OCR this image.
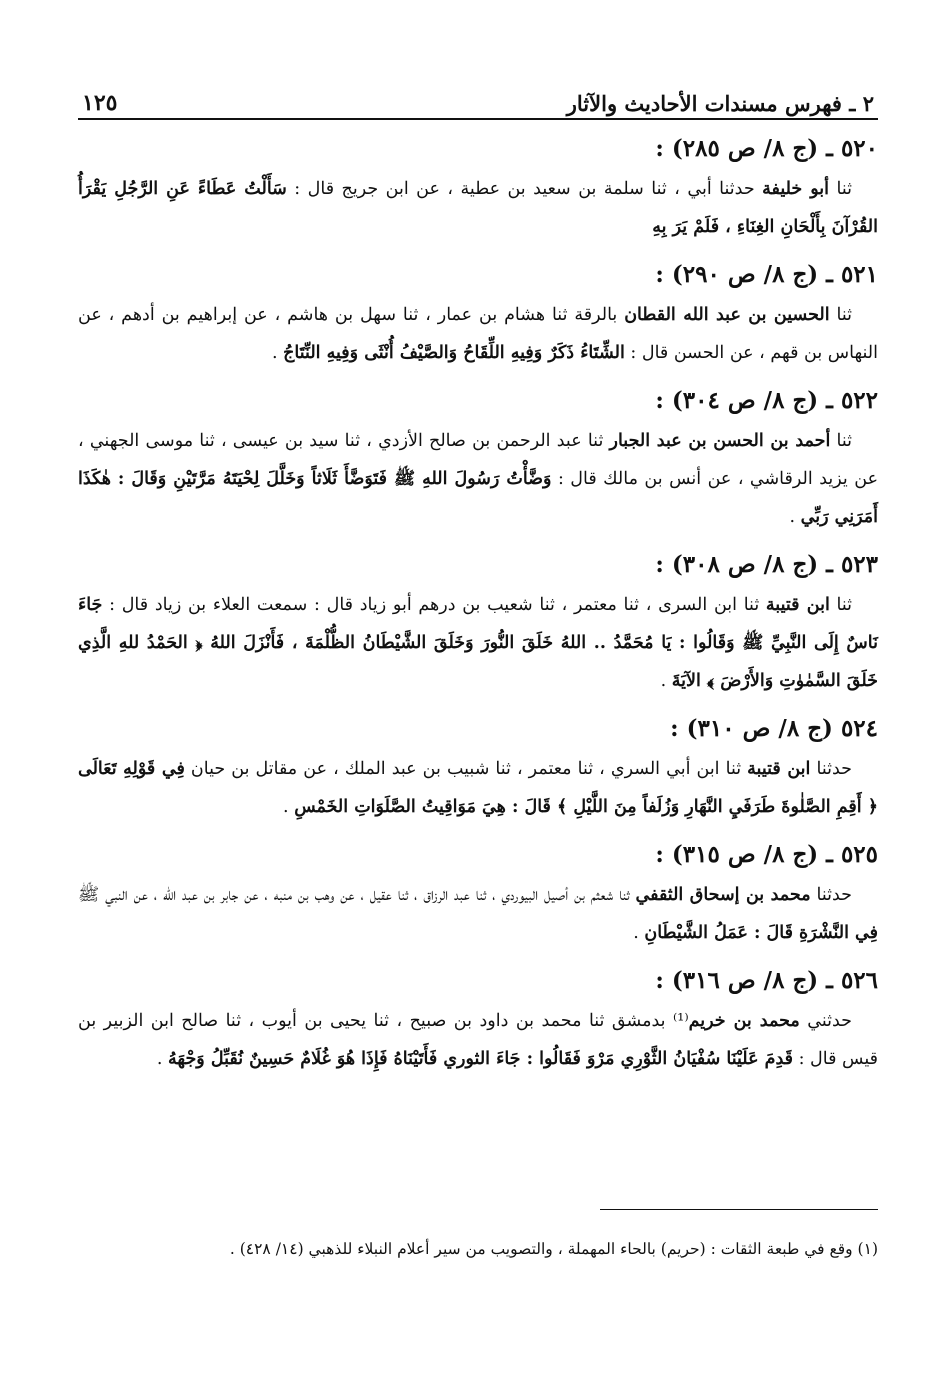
٢ ـ فهرس مسندات الأحاديث والآثار
١٢٥

٥٢٠ ـ (ج ٨/ ص ٢٨٥) :

ثنا أبو خليفة حدثنا أبي ، ثنا سلمة بن سعيد بن عطية ، عن ابن جريج قال : سَأَلْتُ عَطَاءً عَنِ الرَّجُلِ يَقْرَأُ القُرْآنَ بِأَلْحَانِ الغِنَاءِ ، فَلَمْ يَرَ بِهِ

٥٢١ ـ (ج ٨/ ص ٢٩٠) :

ثنا الحسين بن عبد الله القطان بالرقة ثنا هشام بن عمار ، ثنا سهل بن هاشم ، عن إبراهيم بن أدهم ، عن النهاس بن قهم ، عن الحسن قال : الشِّتَاءُ ذَكَرٌ وَفِيهِ اللِّقَاحُ وَالصَّيْفُ أُنْثَى وَفِيهِ النِّتَاجُ .

٥٢٢ ـ (ج ٨/ ص ٣٠٤) :

ثنا أحمد بن الحسن بن عبد الجبار ثنا عبد الرحمن بن صالح الأزدي ، ثنا سيد بن عيسى ، ثنا موسى الجهني ، عن يزيد الرقاشي ، عن أنس بن مالك قال : وَضَّأْتُ رَسُولَ اللهِ ﷺ فَتَوَضَّأَ ثَلَاثاً وَخَلَّلَ لِحْيَتَهُ مَرَّتَيْنِ وَقَالَ : هٰكَذَا أَمَرَنِي رَبِّي .

٥٢٣ ـ (ج ٨/ ص ٣٠٨) :

ثنا ابن قتيبة ثنا ابن السرى ، ثنا معتمر ، ثنا شعيب بن درهم أبو زياد قال : سمعت العلاء بن زياد قال : جَاءَ نَاسٌ إِلَى النَّبِيِّ ﷺ وَقَالُوا : يَا مُحَمَّدُ .. اللهُ خَلَقَ النُّورَ وَخَلَقَ الشَّيْطَانُ الظُّلْمَةَ ، فَأَنْزَلَ اللهُ ﴿ الحَمْدُ للهِ الَّذِي خَلَقَ السَّمٰوٰتِ وَالأَرْضَ ﴾ الآيَةَ .

٥٢٤ (ج ٨/ ص ٣١٠) :

حدثنا ابن قتيبة ثنا ابن أبي السري ، ثنا معتمر ، ثنا شبيب بن عبد الملك ، عن مقاتل بن حيان فِي قَوْلِهِ تَعَالَى ﴿ أَقِمِ الصَّلٰوةَ طَرَفَيِ النَّهَارِ وَزُلَفاً مِنَ اللَّيْلِ ﴾ قَالَ : هِيَ مَوَاقِيتُ الصَّلَوَاتِ الخَمْسِ .

٥٢٥ ـ (ج ٨/ ص ٣١٥) :

حدثنا محمد بن إسحاق الثقفي ثنا شعثم بن أصيل البيوردي ، ثنا عبد الرزاق ، ثنا عقيل ، عن وهب بن منبه ، عن جابر بن عبد الله ، عن النبي ﷺ فِي النَّشْرَةِ قَالَ : عَمَلُ الشَّيْطَانِ .

٥٢٦ ـ (ج ٨/ ص ٣١٦) :

حدثني محمد بن خريم⁽¹⁾ بدمشق ثنا محمد بن داود بن صبيح ، ثنا يحيى بن أيوب ، ثنا صالح ابن الزبير بن قيس قال : قَدِمَ عَلَيْنَا سُفْيَانُ الثَّوْرِي مَرْوَ فَقَالُوا : جَاءَ الثوري فَأَتَيْنَاهُ فَإِذَا هُوَ غُلَامٌ حَسِينٌ نُقَبِّلُ وَجْهَهُ .

(١) وقع في طبعة الثقات : (حريم) بالحاء المهملة ، والتصويب من سير أعلام النبلاء للذهبي (١٤/ ٤٢٨) .
